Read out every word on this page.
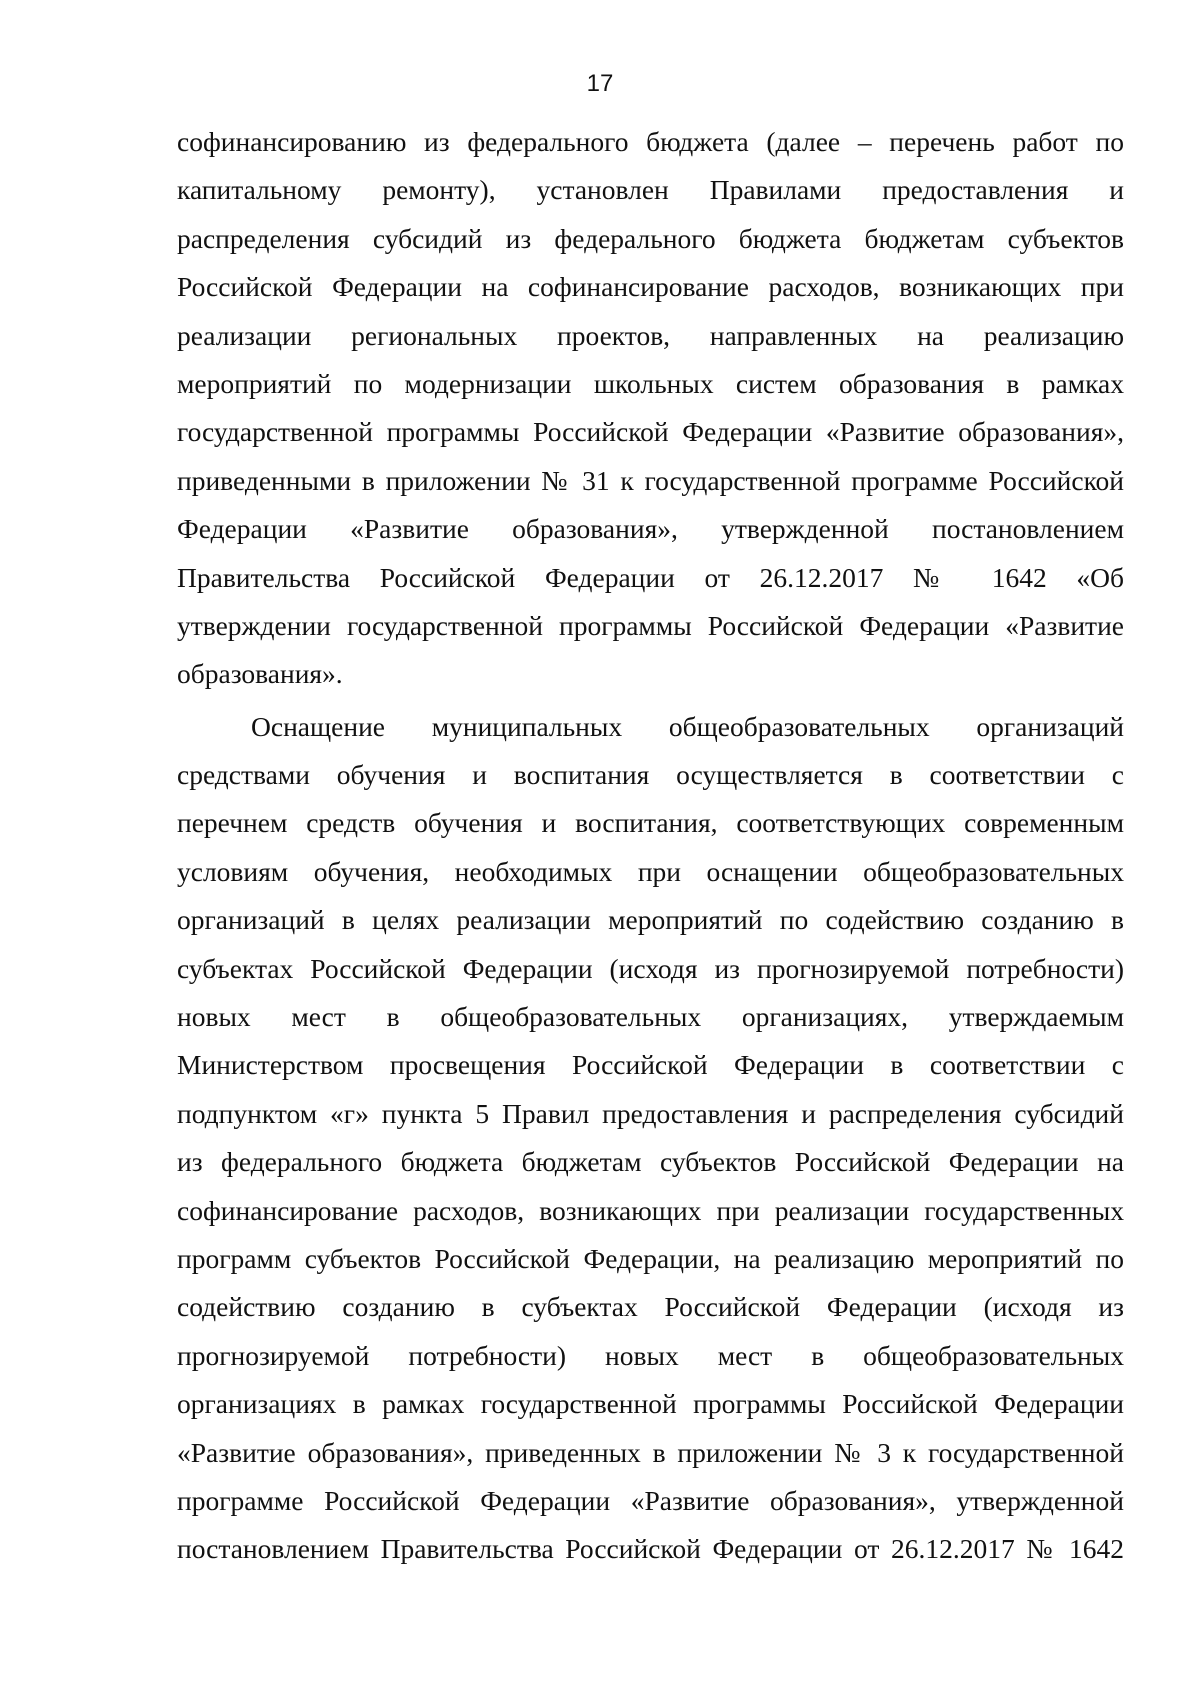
17
софинансированию из федерального бюджета (далее – перечень работ по
капитальному ремонту), установлен Правилами предоставления и
распределения субсидий из федерального бюджета бюджетам субъектов
Российской Федерации на софинансирование расходов, возникающих при
реализации региональных проектов, направленных на реализацию
мероприятий по модернизации школьных систем образования в рамках
государственной программы Российской Федерации «Развитие образования»,
приведенными в приложении № 31 к государственной программе Российской
Федерации «Развитие образования», утвержденной постановлением
Правительства Российской Федерации от 26.12.2017 № 1642 «Об
утверждении государственной программы Российской Федерации «Развитие
образования».
Оснащение муниципальных общеобразовательных организаций
средствами обучения и воспитания осуществляется в соответствии с
перечнем средств обучения и воспитания, соответствующих современным
условиям обучения, необходимых при оснащении общеобразовательных
организаций в целях реализации мероприятий по содействию созданию в
субъектах Российской Федерации (исходя из прогнозируемой потребности)
новых мест в общеобразовательных организациях, утверждаемым
Министерством просвещения Российской Федерации в соответствии с
подпунктом «г» пункта 5 Правил предоставления и распределения субсидий
из федерального бюджета бюджетам субъектов Российской Федерации на
софинансирование расходов, возникающих при реализации государственных
программ субъектов Российской Федерации, на реализацию мероприятий по
содействию созданию в субъектах Российской Федерации (исходя из
прогнозируемой потребности) новых мест в общеобразовательных
организациях в рамках государственной программы Российской Федерации
«Развитие образования», приведенных в приложении № 3 к государственной
программе Российской Федерации «Развитие образования», утвержденной
постановлением Правительства Российской Федерации от 26.12.2017 № 1642
